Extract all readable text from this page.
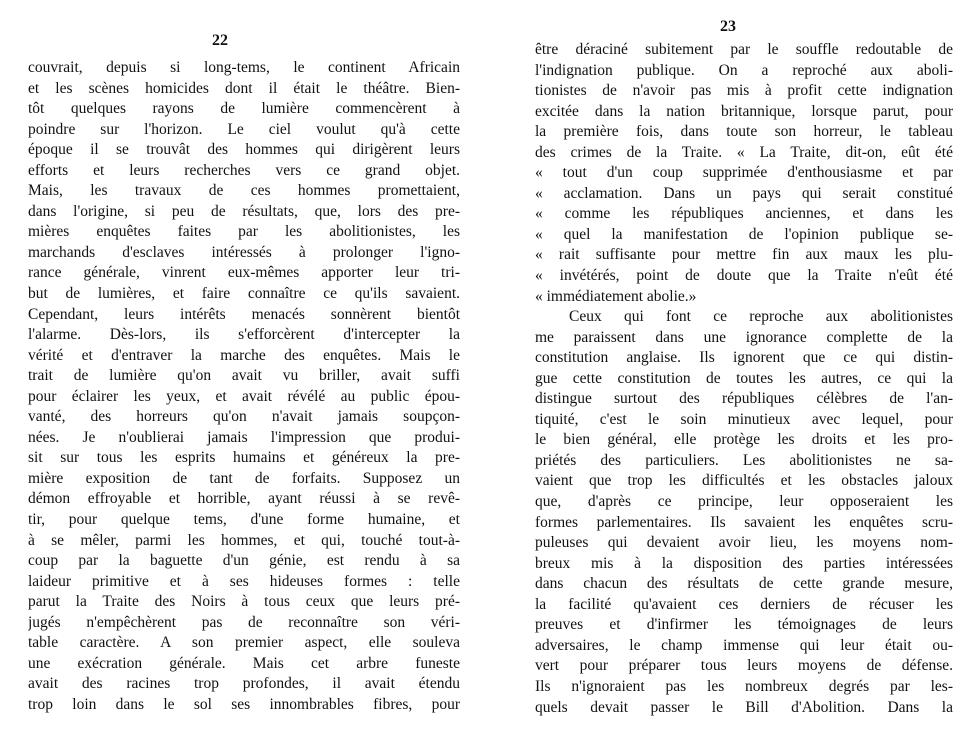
22
couvrait, depuis si long-tems, le continent Africain
et les scènes homicides dont il était le théâtre. Bien-
tôt quelques rayons de lumière commencèrent à
poindre sur l'horizon. Le ciel voulut qu'à cette
époque il se trouvât des hommes qui dirigèrent leurs
efforts et leurs recherches vers ce grand objet.
Mais, les travaux de ces hommes promettaient,
dans l'origine, si peu de résultats, que, lors des pre-
mières enquêtes faites par les abolitionistes, les
marchands d'esclaves intéressés à prolonger l'igno-
rance générale, vinrent eux-mêmes apporter leur tri-
but de lumières, et faire connaître ce qu'ils savaient.
Cependant, leurs intérêts menacés sonnèrent bientôt
l'alarme. Dès-lors, ils s'efforcèrent d'intercepter la
vérité et d'entraver la marche des enquêtes. Mais le
trait de lumière qu'on avait vu briller, avait suffi
pour éclairer les yeux, et avait révélé au public épou-
vanté, des horreurs qu'on n'avait jamais soupçon-
nées. Je n'oublierai jamais l'impression que produi-
sit sur tous les esprits humains et généreux la pre-
mière exposition de tant de forfaits. Supposez un
démon effroyable et horrible, ayant réussi à se revê-
tir, pour quelque tems, d'une forme humaine, et
à se mêler, parmi les hommes, et qui, touché tout-à-
coup par la baguette d'un génie, est rendu à sa
laideur primitive et à ses hideuses formes : telle
parut la Traite des Noirs à tous ceux que leurs pré-
jugés n'empêchèrent pas de reconnaître son véri-
table caractère. A son premier aspect, elle souleva
une exécration générale. Mais cet arbre funeste
avait des racines trop profondes, il avait étendu
trop loin dans le sol ses innombrables fibres, pour
23
être déraciné subitement par le souffle redoutable de
l'indignation publique. On a reproché aux aboli-
tionistes de n'avoir pas mis à profit cette indignation
excitée dans la nation britannique, lorsque parut, pour
la première fois, dans toute son horreur, le tableau
des crimes de la Traite. « La Traite, dit-on, eût été
« tout d'un coup supprimée d'enthousiasme et par
« acclamation. Dans un pays qui serait constitué
« comme les républiques anciennes, et dans les
« quel la manifestation de l'opinion publique se-
« rait suffisante pour mettre fin aux maux les plu-
« invétérés, point de doute que la Traite n'eût été
« immédiatement abolie.»
Ceux qui font ce reproche aux abolitionistes
me paraissent dans une ignorance complette de la
constitution anglaise. Ils ignorent que ce qui distin-
gue cette constitution de toutes les autres, ce qui la
distingue surtout des républiques célèbres de l'an-
tiquité, c'est le soin minutieux avec lequel, pour
le bien général, elle protège les droits et les pro-
priétés des particuliers. Les abolitionistes ne sa-
vaient que trop les difficultés et les obstacles jaloux
que, d'après ce principe, leur opposeraient les
formes parlementaires. Ils savaient les enquêtes scru-
puleuses qui devaient avoir lieu, les moyens nom-
breux mis à la disposition des parties intéressées
dans chacun des résultats de cette grande mesure,
la facilité qu'avaient ces derniers de récuser les
preuves et d'infirmer les témoignages de leurs
adversaires, le champ immense qui leur était ou-
vert pour préparer tous leurs moyens de défense.
Ils n'ignoraient pas les nombreux degrés par les-
quels devait passer le Bill d'Abolition. Dans la
